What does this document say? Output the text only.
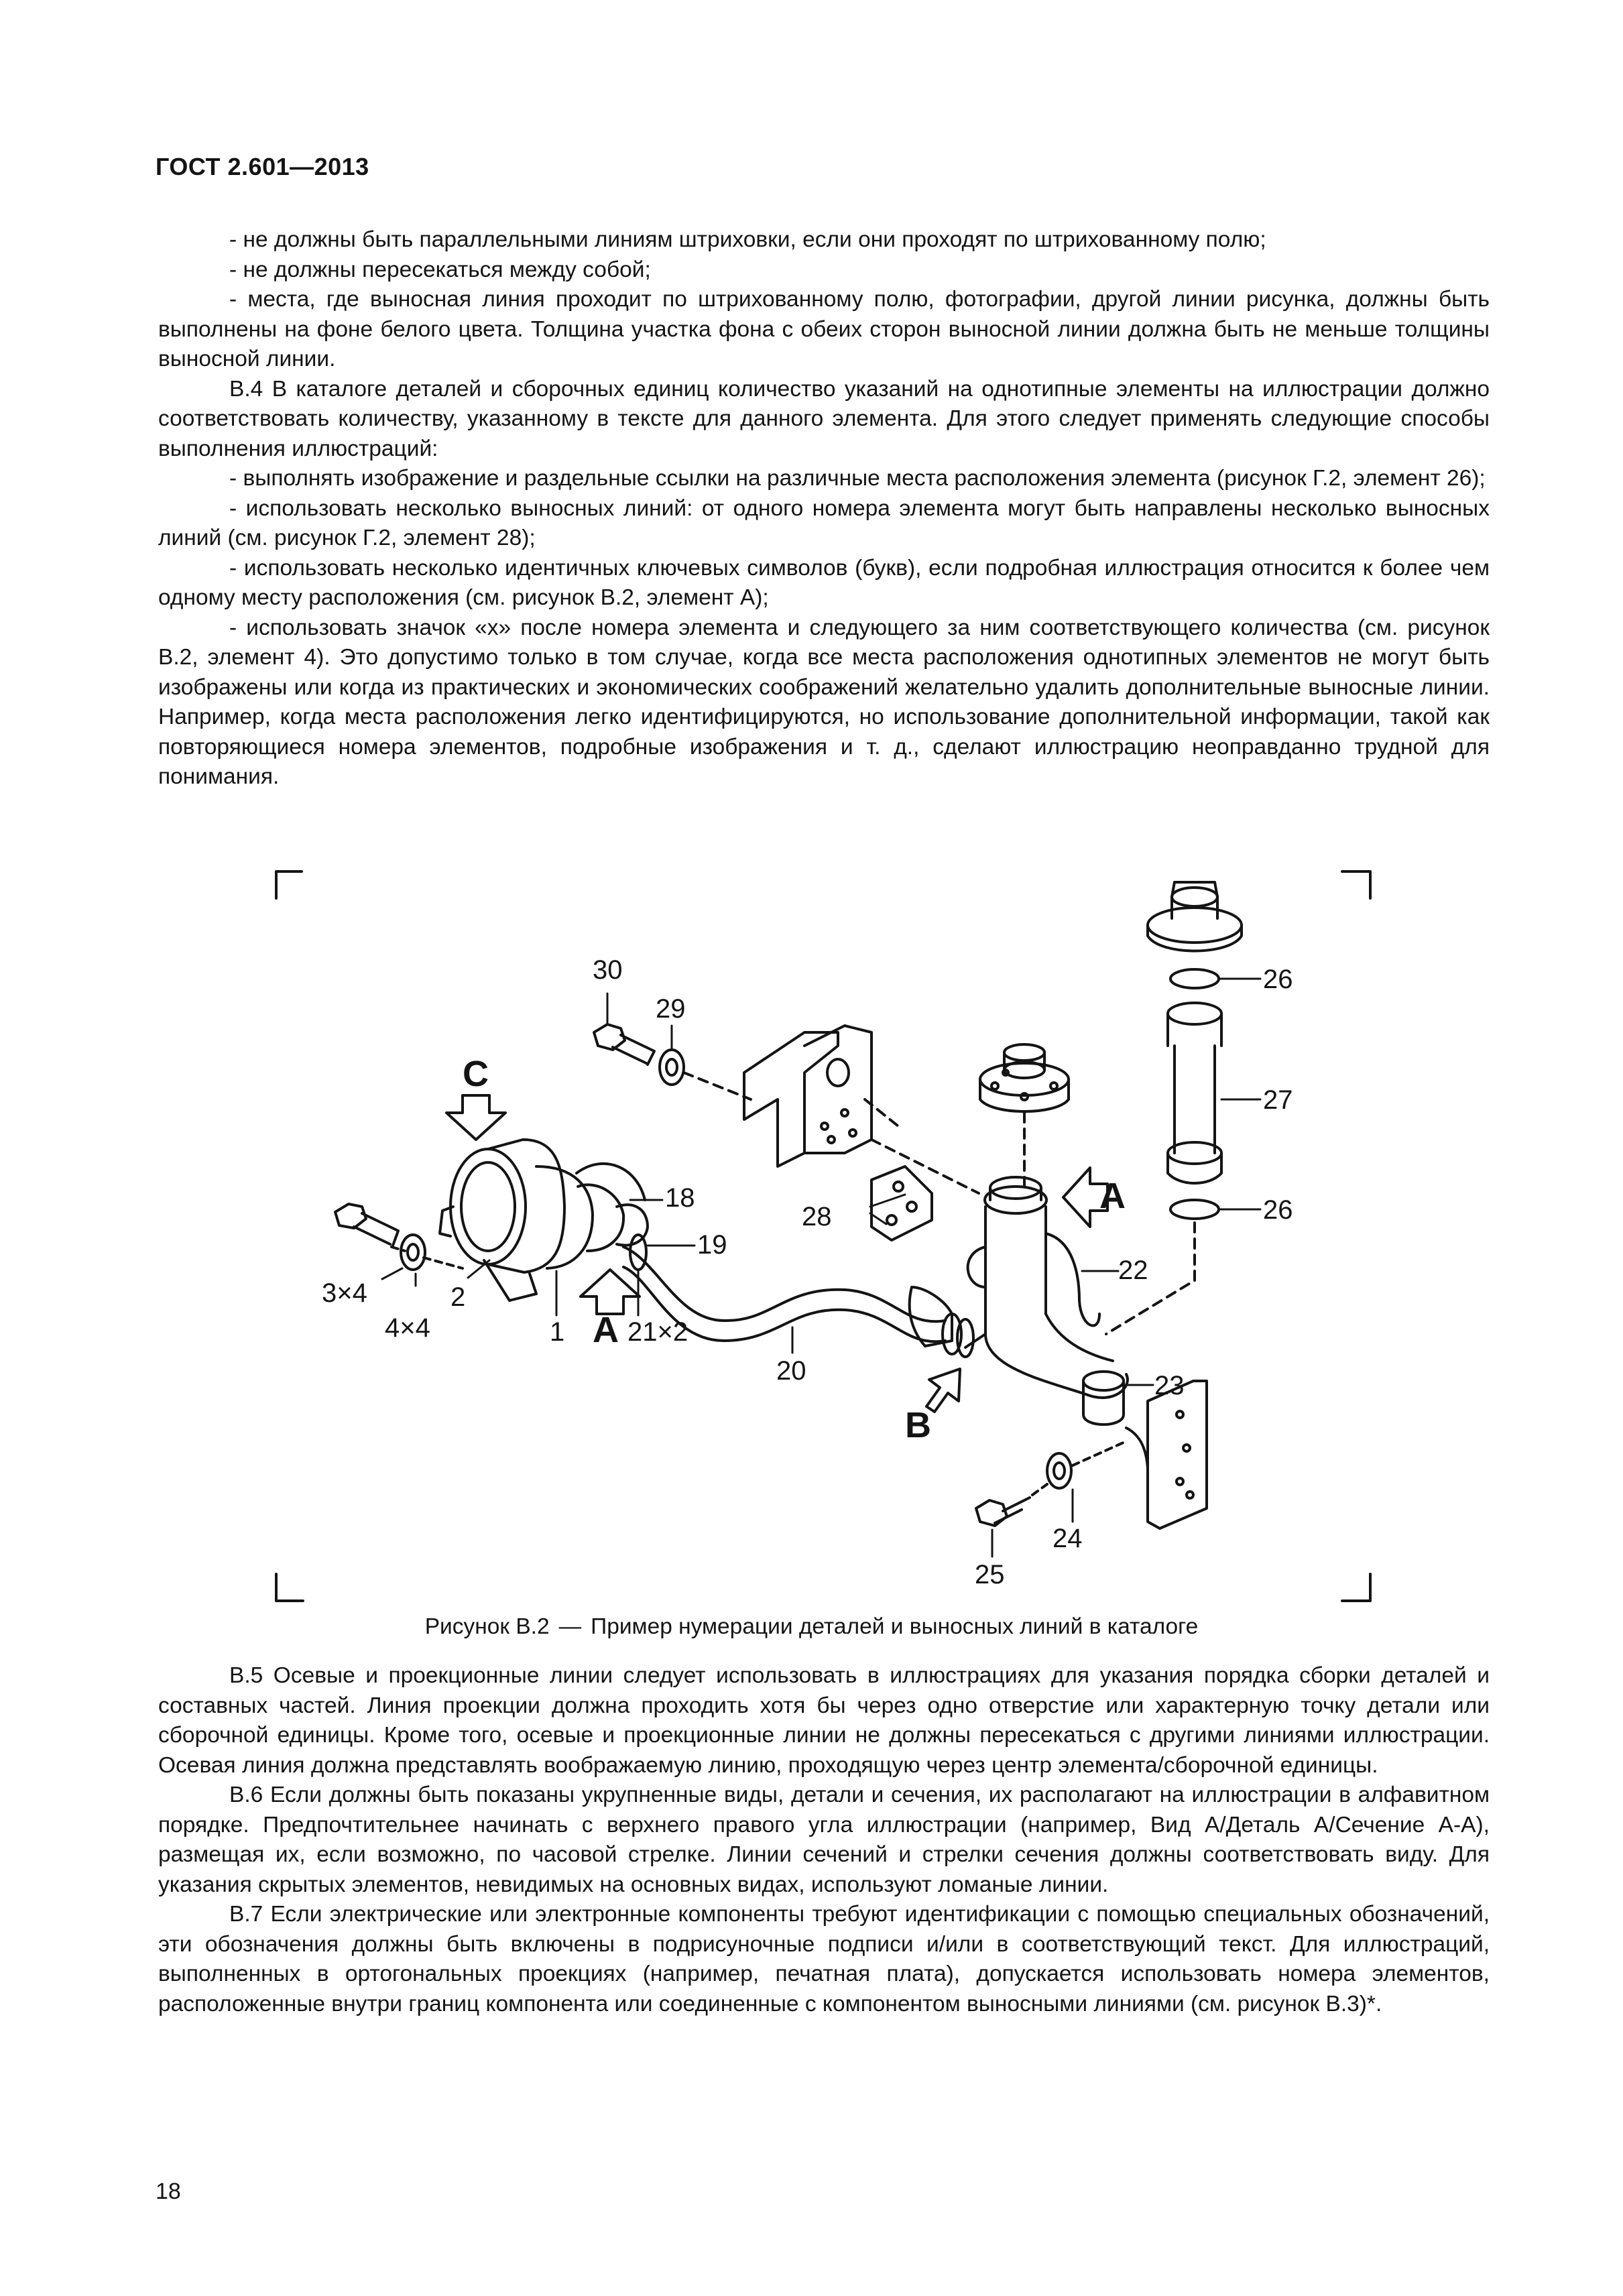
ГОСТ 2.601—2013

- не должны быть параллельными линиям штриховки, если они проходят по штрихованному полю;

- не должны пересекаться между собой;

- места, где выносная линия проходит по штрихованному полю, фотографии, другой линии рисунка, должны быть выполнены на фоне белого цвета. Толщина участка фона с обеих сторон выносной линии должна быть не меньше толщины выносной линии.

В.4 В каталоге деталей и сборочных единиц количество указаний на однотипные элементы на иллюстрации должно соответствовать количеству, указанному в тексте для данного элемента. Для этого следует применять следующие способы выполнения иллюстраций:

- выполнять изображение и раздельные ссылки на различные места расположения элемента (рисунок Г.2, элемент 26);

- использовать несколько выносных линий: от одного номера элемента могут быть направлены несколько выносных линий (см. рисунок Г.2, элемент 28);

- использовать несколько идентичных ключевых символов (букв), если подробная иллюстрация относится к более чем одному месту расположения (см. рисунок В.2, элемент А);

- использовать значок «х» после номера элемента и следующего за ним соответствующего количества (см. рисунок В.2, элемент 4). Это допустимо только в том случае, когда все места расположения однотипных элементов не могут быть изображены или когда из практических и экономических соображений желательно удалить дополнительные выносные линии. Например, когда места расположения легко идентифицируются, но использование дополнительной информации, такой как повторяющиеся номера элементов, подробные изображения и т. д., сделают иллюстрацию неоправданно трудной для понимания.

30
29
C
18
19
28
A
22
26
27
26
23
20
21×2
A
1
2
3×4
4×4
B
24
25
Рисунок В.2 — Пример нумерации деталей и выносных линий в каталоге

В.5 Осевые и проекционные линии следует использовать в иллюстрациях для указания порядка сборки деталей и составных частей. Линия проекции должна проходить хотя бы через одно отверстие или характерную точку детали или сборочной единицы. Кроме того, осевые и проекционные линии не должны пересекаться с другими линиями иллюстрации. Осевая линия должна представлять воображаемую линию, проходящую через центр элемента/сборочной единицы.

В.6 Если должны быть показаны укрупненные виды, детали и сечения, их располагают на иллюстрации в алфавитном порядке. Предпочтительнее начинать с верхнего правого угла иллюстрации (например, Вид А/Деталь А/Сечение А-А), размещая их, если возможно, по часовой стрелке. Линии сечений и стрелки сечения должны соответствовать виду. Для указания скрытых элементов, невидимых на основных видах, используют ломаные линии.

В.7 Если электрические или электронные компоненты требуют идентификации с помощью специальных обозначений, эти обозначения должны быть включены в подрисуночные подписи и/или в соответствующий текст. Для иллюстраций, выполненных в ортогональных проекциях (например, печатная плата), допускается использовать номера элементов, расположенные внутри границ компонента или соединенные с компонентом выносными линиями (см. рисунок В.3)*.

18
